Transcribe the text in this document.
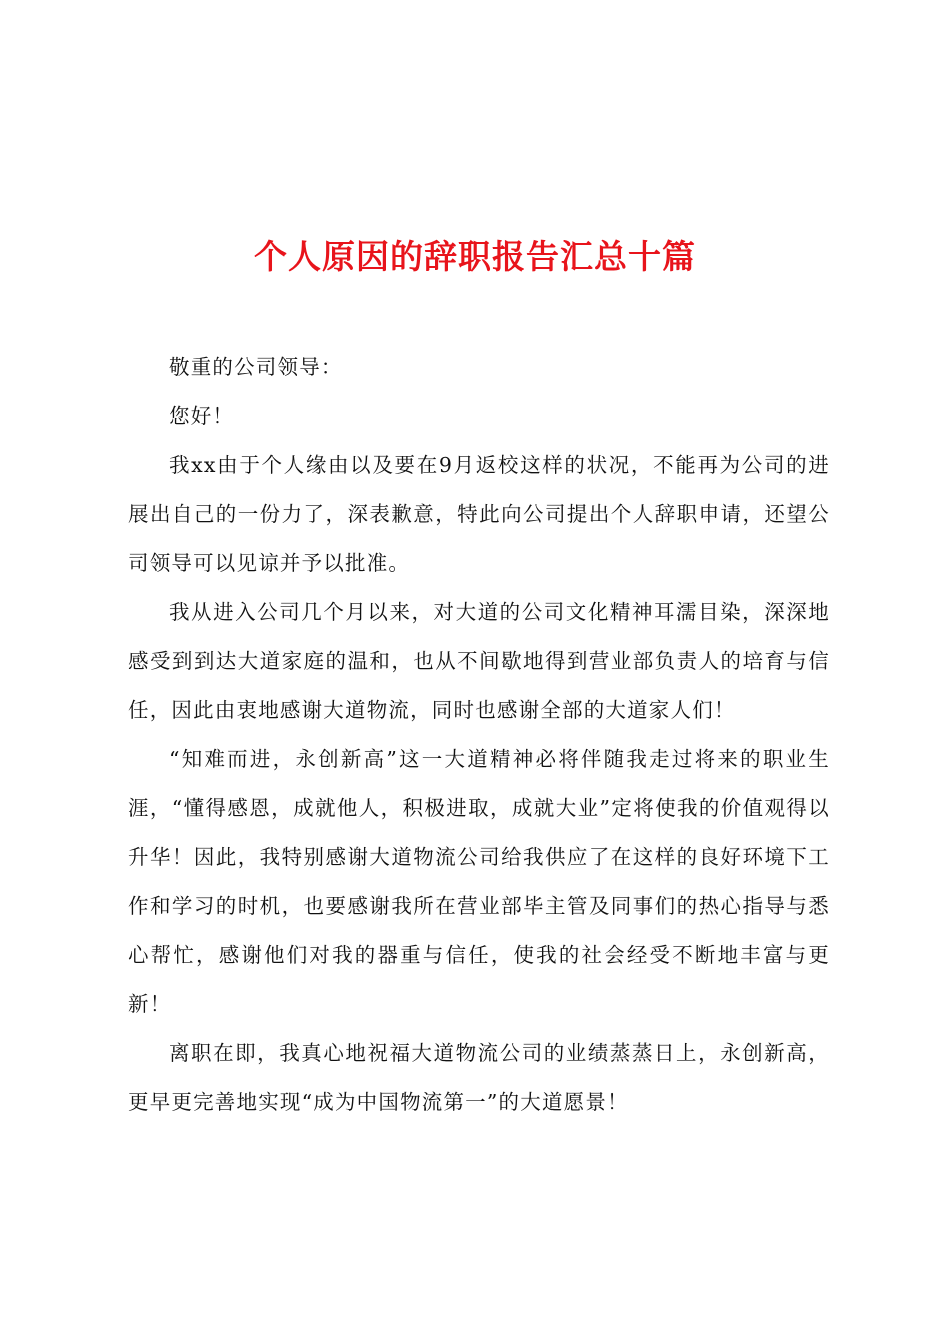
个人原因的辞职报告汇总十篇

敬重的公司领导：

您好！

我xx由于个人缘由以及要在9月返校这样的状况，不能再为公司的进展出自己的一份力了，深表歉意，特此向公司提出个人辞职申请，还望公司领导可以见谅并予以批准。

我从进入公司几个月以来，对大道的公司文化精神耳濡目染，深深地感受到到达大道家庭的温和，也从不间歇地得到营业部负责人的培育与信任，因此由衷地感谢大道物流，同时也感谢全部的大道家人们！

“知难而进，永创新高”这一大道精神必将伴随我走过将来的职业生涯，“懂得感恩，成就他人，积极进取，成就大业”定将使我的价值观得以升华！因此，我特别感谢大道物流公司给我供应了在这样的良好环境下工作和学习的时机，也要感谢我所在营业部毕主管及同事们的热心指导与悉心帮忙，感谢他们对我的器重与信任，使我的社会经受不断地丰富与更新！

离职在即，我真心地祝福大道物流公司的业绩蒸蒸日上，永创新高，更早更完善地实现“成为中国物流第一”的大道愿景！
